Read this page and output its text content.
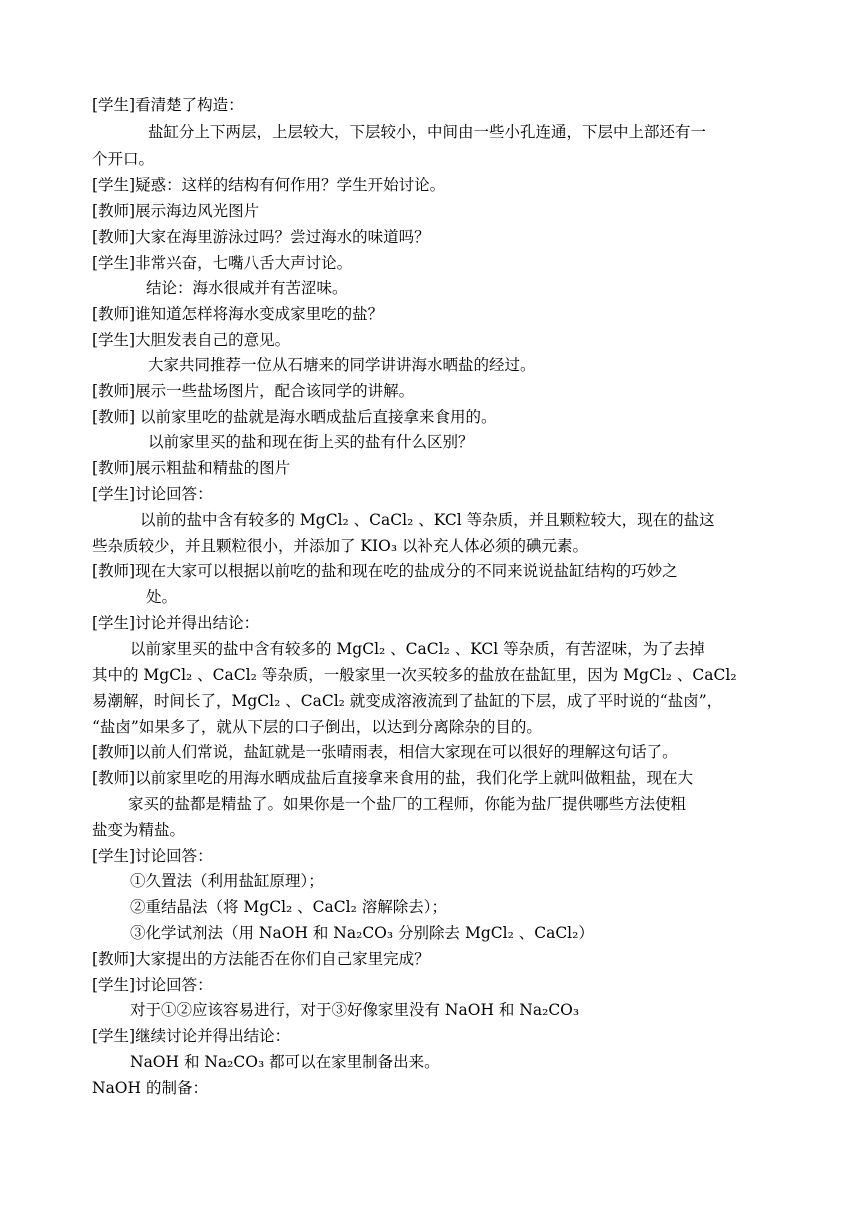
[学生]看清楚了构造：
盐缸分上下两层，上层较大，下层较小，中间由一些小孔连通，下层中上部还有一
个开口。
[学生]疑惑：这样的结构有何作用？学生开始讨论。
[教师]展示海边风光图片
[教师]大家在海里游泳过吗？尝过海水的味道吗？
[学生]非常兴奋，七嘴八舌大声讨论。
结论：海水很咸并有苦涩味。
[教师]谁知道怎样将海水变成家里吃的盐？
[学生]大胆发表自己的意见。
大家共同推荐一位从石塘来的同学讲讲海水晒盐的经过。
[教师]展示一些盐场图片，配合该同学的讲解。
[教师] 以前家里吃的盐就是海水晒成盐后直接拿来食用的。
以前家里买的盐和现在街上买的盐有什么区别？
[教师]展示粗盐和精盐的图片
[学生]讨论回答：
以前的盐中含有较多的 MgCl₂ 、CaCl₂ 、KCl 等杂质，并且颗粒较大，现在的盐这
些杂质较少，并且颗粒很小，并添加了 KIO₃ 以补充人体必须的碘元素。
[教师]现在大家可以根据以前吃的盐和现在吃的盐成分的不同来说说盐缸结构的巧妙之
处。
[学生]讨论并得出结论：
以前家里买的盐中含有较多的 MgCl₂ 、CaCl₂ 、KCl 等杂质，有苦涩味，为了去掉
其中的 MgCl₂ 、CaCl₂ 等杂质，一般家里一次买较多的盐放在盐缸里，因为 MgCl₂ 、CaCl₂
易潮解，时间长了，MgCl₂ 、CaCl₂ 就变成溶液流到了盐缸的下层，成了平时说的“盐卤”，
“盐卤”如果多了，就从下层的口子倒出，以达到分离除杂的目的。
[教师]以前人们常说，盐缸就是一张晴雨表，相信大家现在可以很好的理解这句话了。
[教师]以前家里吃的用海水晒成盐后直接拿来食用的盐，我们化学上就叫做粗盐，现在大
家买的盐都是精盐了。如果你是一个盐厂的工程师，你能为盐厂提供哪些方法使粗
盐变为精盐。
[学生]讨论回答：
①久置法（利用盐缸原理）；
②重结晶法（将 MgCl₂ 、CaCl₂ 溶解除去）；
③化学试剂法（用 NaOH 和 Na₂CO₃ 分别除去 MgCl₂ 、CaCl₂）
[教师]大家提出的方法能否在你们自己家里完成？
[学生]讨论回答：
对于①②应该容易进行，对于③好像家里没有 NaOH 和 Na₂CO₃
[学生]继续讨论并得出结论：
NaOH 和 Na₂CO₃ 都可以在家里制备出来。
NaOH 的制备：
